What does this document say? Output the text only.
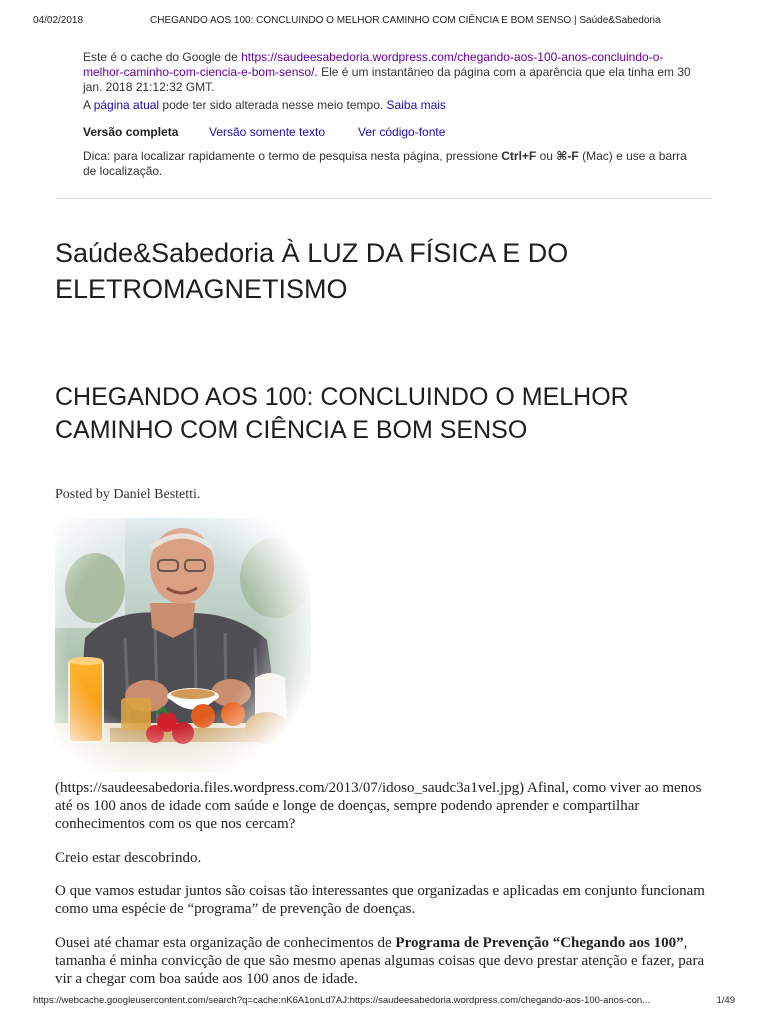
04/02/2018	CHEGANDO AOS 100: CONCLUINDO O MELHOR CAMINHO COM CIÊNCIA E BOM SENSO | Saúde&Sabedoria
Este é o cache do Google de https://saudeesabedoria.wordpress.com/chegando-aos-100-anos-concluindo-o-melhor-caminho-com-ciencia-e-bom-senso/. Ele é um instantâneo da página com a aparência que ela tinha em 30 jan. 2018 21:12:32 GMT.
A página atual pode ter sido alterada nesse meio tempo. Saiba mais
Versão completa	Versão somente texto	Ver código-fonte
Dica: para localizar rapidamente o termo de pesquisa nesta página, pressione Ctrl+F ou ⌘-F (Mac) e use a barra de localização.
Saúde&Sabedoria À LUZ DA FÍSICA E DO ELETROMAGNETISMO
CHEGANDO AOS 100: CONCLUINDO O MELHOR CAMINHO COM CIÊNCIA E BOM SENSO
Posted by Daniel Bestetti.

(https://saudeesabedoria.files.wordpress.com/2013/07/idoso_saudc3a1vel.jpg) Afinal, como viver ao menos até os 100 anos de idade com saúde e longe de doenças, sempre podendo aprender e compartilhar conhecimentos com os que nos cercam?

Creio estar descobrindo.

O que vamos estudar juntos são coisas tão interessantes que organizadas e aplicadas em conjunto funcionam como uma espécie de “programa” de prevenção de doenças.

Ousei até chamar esta organização de conhecimentos de Programa de Prevenção “Chegando aos 100”, tamanha é minha convicção de que são mesmo apenas algumas coisas que devo prestar atenção e fazer, para vir a chegar com boa saúde aos 100 anos de idade.

https://webcache.googleusercontent.com/search?q=cache:nK6A1onLd7AJ:https://saudeesabedoria.wordpress.com/chegando-aos-100-anos-con...	1/49
